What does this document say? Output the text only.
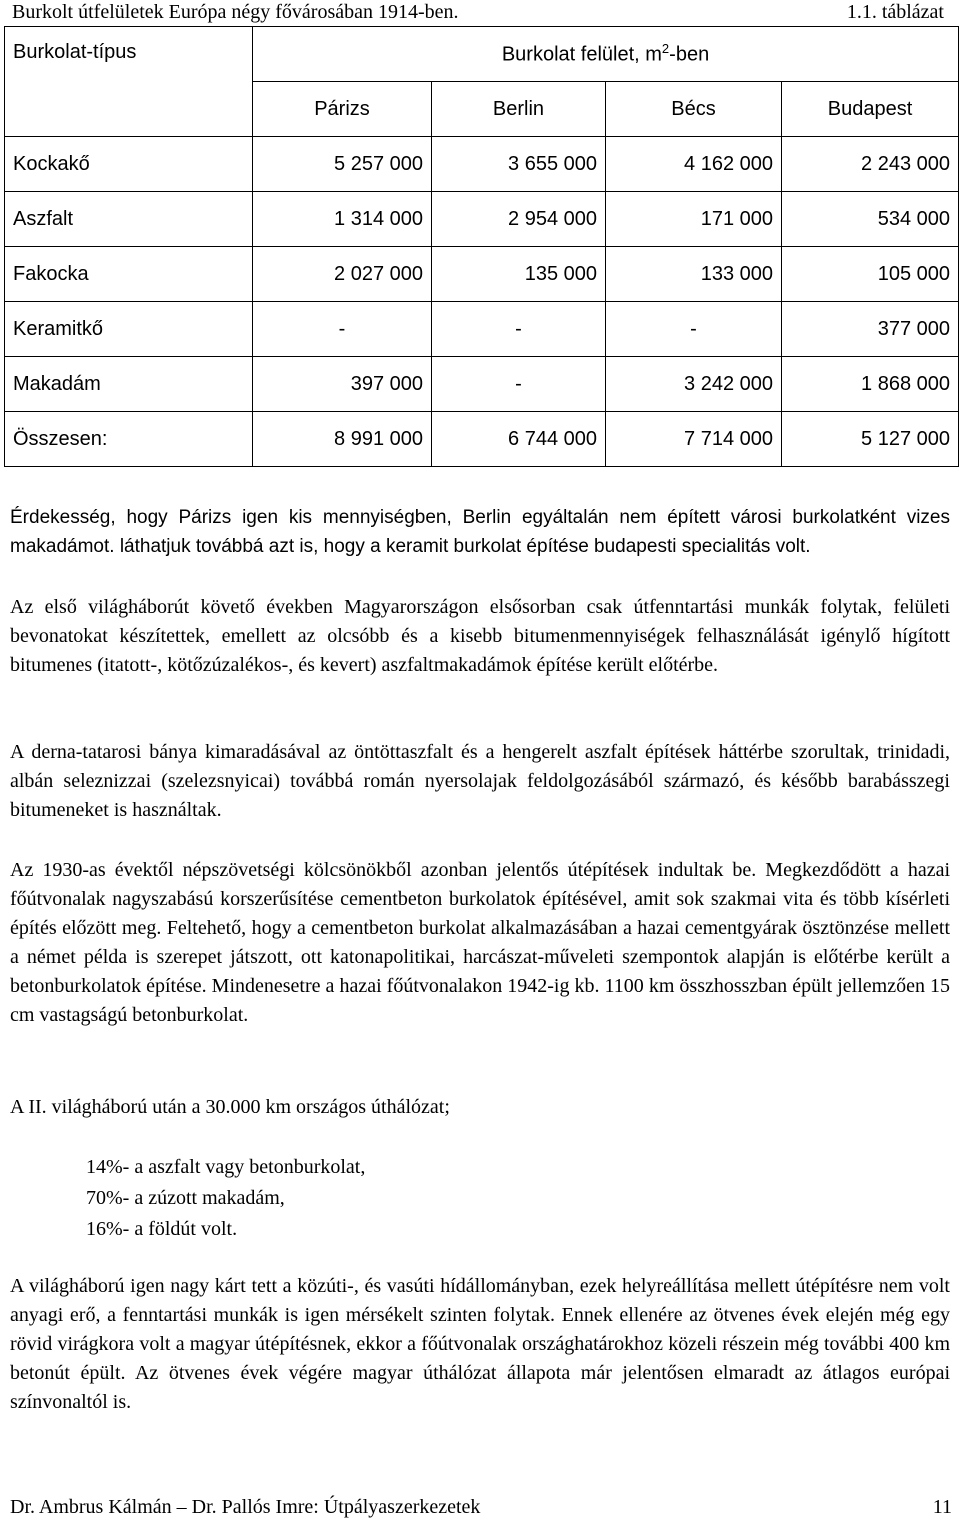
Burkolt útfelületek Európa négy fővárosában 1914-ben.	1.1. táblázat
Burkolat-típus	Burkolat felület, $m^2$-ben			
	Párizs	Berlin	Bécs	Budapest
Kockakő	5 257 000	3 655 000	4 162 000	2 243 000
Aszfalt	1 314 000	2 954 000	171 000	534 000
Fakocka	2 027 000	135 000	133 000	105 000
Keramitkő	-	-	-	377 000
Makadám	397 000	-	3 242 000	1 868 000
Összesen:	8 991 000	6 744 000	7 714 000	5 127 000

Érdekesség, hogy Párizs igen kis mennyiségben, Berlin egyáltalán nem épített városi burkolatként vizes makadámot. láthatjuk továbbá azt is, hogy a keramit burkolat építése budapesti specialitás volt.

Az első világháborút követő években Magyarországon elsősorban csak útfenntartási munkák folytak, felületi bevonatokat készítettek, emellett az olcsóbb és a kisebb bitumenmennyiségek felhasználását igénylő hígított bitumenes (itatott-, kötőzúzalékos-, és kevert) aszfaltmakadámok építése került előtérbe.

A derna-tatarosi bánya kimaradásával az öntöttaszfalt és a hengerelt aszfalt építések háttérbe szorultak, trinidadi, albán seleznizzai (szelezsnyicai) továbbá román nyersolajak feldolgozásából származó, és később barabásszegi bitumeneket is használtak.

Az 1930-as évektől népszövetségi kölcsönökből azonban jelentős útépítések indultak be. Megkezdődött a hazai főútvonalak nagyszabású korszerűsítése cementbeton burkolatok építésével, amit sok szakmai vita és több kísérleti építés előzött meg. Feltehető, hogy a cementbeton burkolat alkalmazásában a hazai cementgyárak ösztönzése mellett a német példa is szerepet játszott, ott katonapolitikai, harcászat-műveleti szempontok alapján is előtérbe került a betonburkolatok építése. Mindenesetre a hazai főútvonalakon 1942-ig kb. 1100 km összhosszban épült jellemzően 15 cm vastagságú betonburkolat.

A II. világháború után a 30.000 km országos úthálózat;

14%- a aszfalt vagy betonburkolat,
70%- a zúzott makadám,
16%- a földút volt.

A világháború igen nagy kárt tett a közúti-, és vasúti hídállományban, ezek helyreállítása mellett útépítésre nem volt anyagi erő, a fenntartási munkák is igen mérsékelt szinten folytak. Ennek ellenére az ötvenes évek elején még egy rövid virágkora volt a magyar útépítésnek, ekkor a főútvonalak országhatárokhoz közeli részein még további 400 km betonút épült. Az ötvenes évek végére magyar úthálózat állapota már jelentősen elmaradt az átlagos európai színvonaltól is.

Dr. Ambrus Kálmán – Dr. Pallós Imre: Útpályaszerkezetek	11
